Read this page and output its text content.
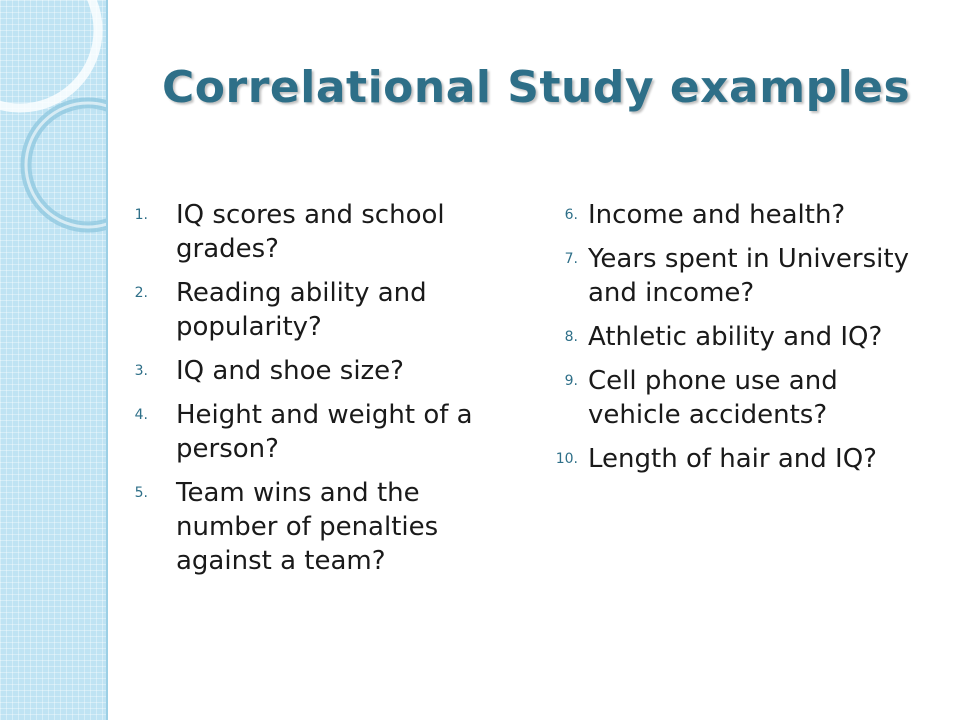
Correlational Study examples
1. IQ scores and school grades?
2. Reading ability and popularity?
3. IQ and shoe size?
4. Height and weight of a person?
5. Team wins and the number of penalties against a team?
6. Income and health?
7. Years spent in University and income?
8. Athletic ability and IQ?
9. Cell phone use and vehicle accidents?
10. Length of hair and IQ?
